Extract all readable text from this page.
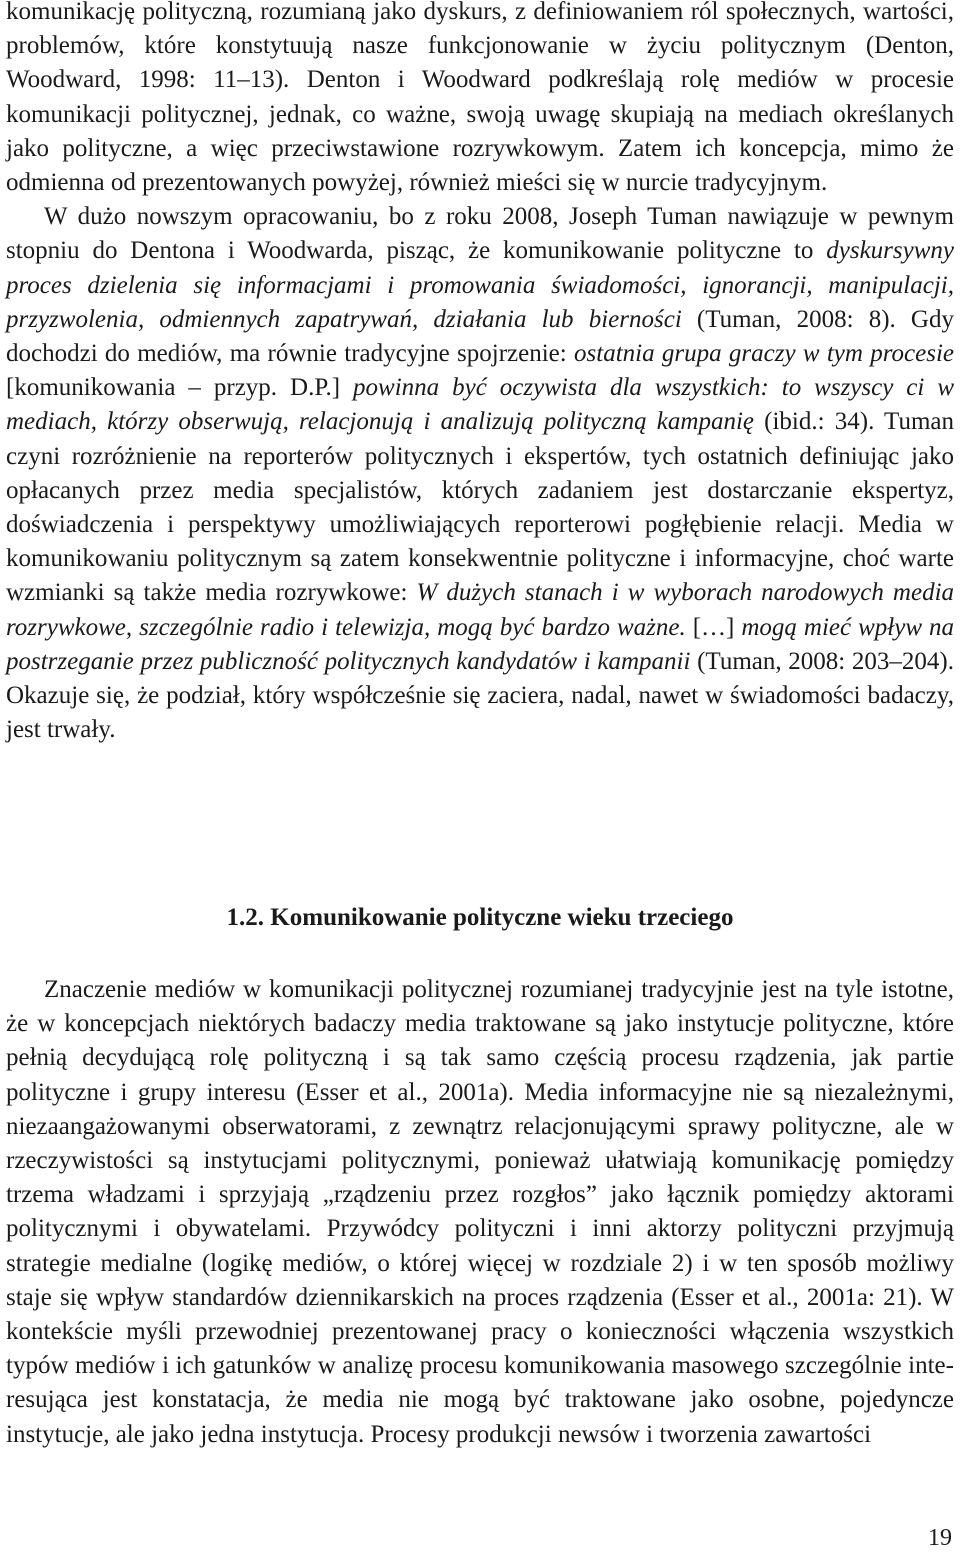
komunikację polityczną, rozumianą jako dyskurs, z definiowaniem ról społecznych, wartości, problemów, które konstytuują nasze funkcjonowanie w życiu politycznym (Denton, Woodward, 1998: 11–13). Denton i Woodward podkreślają rolę mediów w procesie komunikacji politycznej, jednak, co ważne, swoją uwagę skupiają na mediach określanych jako polityczne, a więc przeciwstawione rozrywkowym. Zatem ich koncepcja, mimo że odmienna od prezentowanych powyżej, również mieści się w nurcie tradycyjnym.

W dużo nowszym opracowaniu, bo z roku 2008, Joseph Tuman nawiązuje w pewnym stopniu do Dentona i Woodwarda, pisząc, że komunikowanie polityczne to dyskursywny proces dzielenia się informacjami i promowania świadomości, ignorancji, manipulacji, przyzwolenia, odmiennych zapatrywań, działania lub bierności (Tuman, 2008: 8). Gdy dochodzi do mediów, ma równie tradycyjne spojrzenie: ostatnia grupa graczy w tym procesie [komunikowania – przyp. D.P.] powinna być oczywista dla wszystkich: to wszyscy ci w mediach, którzy obserwują, relacjonują i analizują polityczną kampanię (ibid.: 34). Tuman czyni rozróżnienie na reporterów politycznych i ekspertów, tych ostatnich definiując jako opłacanych przez media specjalistów, których zadaniem jest dostarczanie ekspertyz, doświadczenia i perspektywy umożliwiających reporterowi pogłębienie relacji. Media w komunikowaniu politycznym są zatem konsekwentnie polityczne i informacyjne, choć warte wzmianki są także media rozrywkowe: W dużych stanach i w wyborach narodowych media rozrywkowe, szczególnie radio i telewizja, mogą być bardzo ważne. […] mogą mieć wpływ na postrzeganie przez publiczność politycznych kandydatów i kampanii (Tuman, 2008: 203–204). Okazuje się, że podział, który współcześnie się zaciera, nadal, nawet w świadomości badaczy, jest trwały.

1.2. Komunikowanie polityczne wieku trzeciego

Znaczenie mediów w komunikacji politycznej rozumianej tradycyjnie jest na tyle istotne, że w koncepcjach niektórych badaczy media traktowane są jako instytucje polityczne, które pełnią decydującą rolę polityczną i są tak samo częścią procesu rządzenia, jak partie polityczne i grupy interesu (Esser et al., 2001a). Media informacyjne nie są niezależnymi, niezaangażowanymi obserwatorami, z zewnątrz relacjonującymi sprawy polityczne, ale w rzeczywistości są instytucjami politycznymi, ponieważ ułatwiają komunikację pomiędzy trzema władzami i sprzyjają „rządzeniu przez rozgłos” jako łącznik pomiędzy aktorami politycznymi i obywatelami. Przywódcy polityczni i inni aktorzy polityczni przyjmują strategie medialne (logikę mediów, o której więcej w rozdziale 2) i w ten sposób możliwy staje się wpływ standardów dziennikarskich na proces rządzenia (Esser et al., 2001a: 21). W kontekście myśli przewodniej prezentowanej pracy o konieczności włączenia wszystkich typów mediów i ich gatunków w analizę procesu komunikowania masowego szczególnie interesująca jest konstatacja, że media nie mogą być traktowane jako osobne, pojedyncze instytucje, ale jako jedna instytucja. Procesy produkcji newsów i tworzenia zawartości

19
